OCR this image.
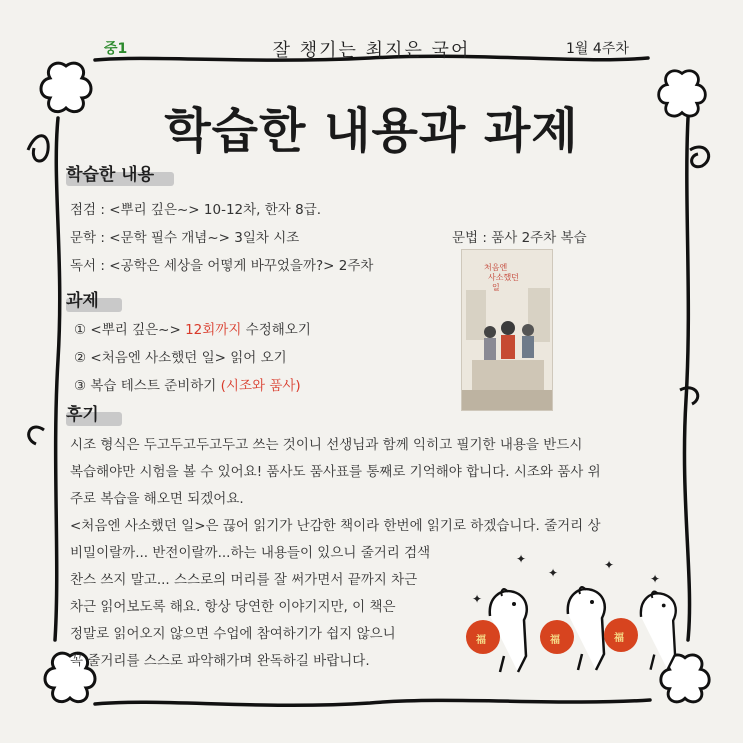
중1	잘 챙기는 최지은 국어	1월 4주차
학습한 내용과 과제
학습한 내용
점검 : <뿌리 깊은~> 10-12차, 한자 8급.
문학 : <문학 필수 개념~> 3일차 시조
독서 : <공학은 세상을 어떻게 바꾸었을까?> 2주차
문법 : 품사 2주차 복습
처음엔
사소했던
일
과제
① <뿌리 깊은~> 12회까지 수정해오기
② <처음엔 사소했던 일> 읽어 오기
③ 복습 테스트 준비하기 (시조와 품사)
후기
시조 형식은 두고두고두고두고 쓰는 것이니 선생님과 함께 익히고 필기한 내용을 반드시
복습해야만 시험을 볼 수 있어요! 품사도 품사표를 통째로 기억해야 합니다. 시조와 품사 위
주로 복습을 해오면 되겠어요.
<처음엔 사소했던 일>은 끊어 읽기가 난감한 책이라 한번에 읽기로 하겠습니다. 줄거리 상
비밀이랄까... 반전이랄까...하는 내용들이 있으니 줄거리 검색
찬스 쓰지 말고... 스스로의 머리를 잘 써가면서 끝까지 차근
차근 읽어보도록 해요. 항상 당연한 이야기지만, 이 책은
정말로 읽어오지 않으면 수업에 참여하기가 쉽지 않으니
꼭 줄거리를 스스로 파악해가며 완독하길 바랍니다.
✦
✦
✦
✦
✦
福	福	福
